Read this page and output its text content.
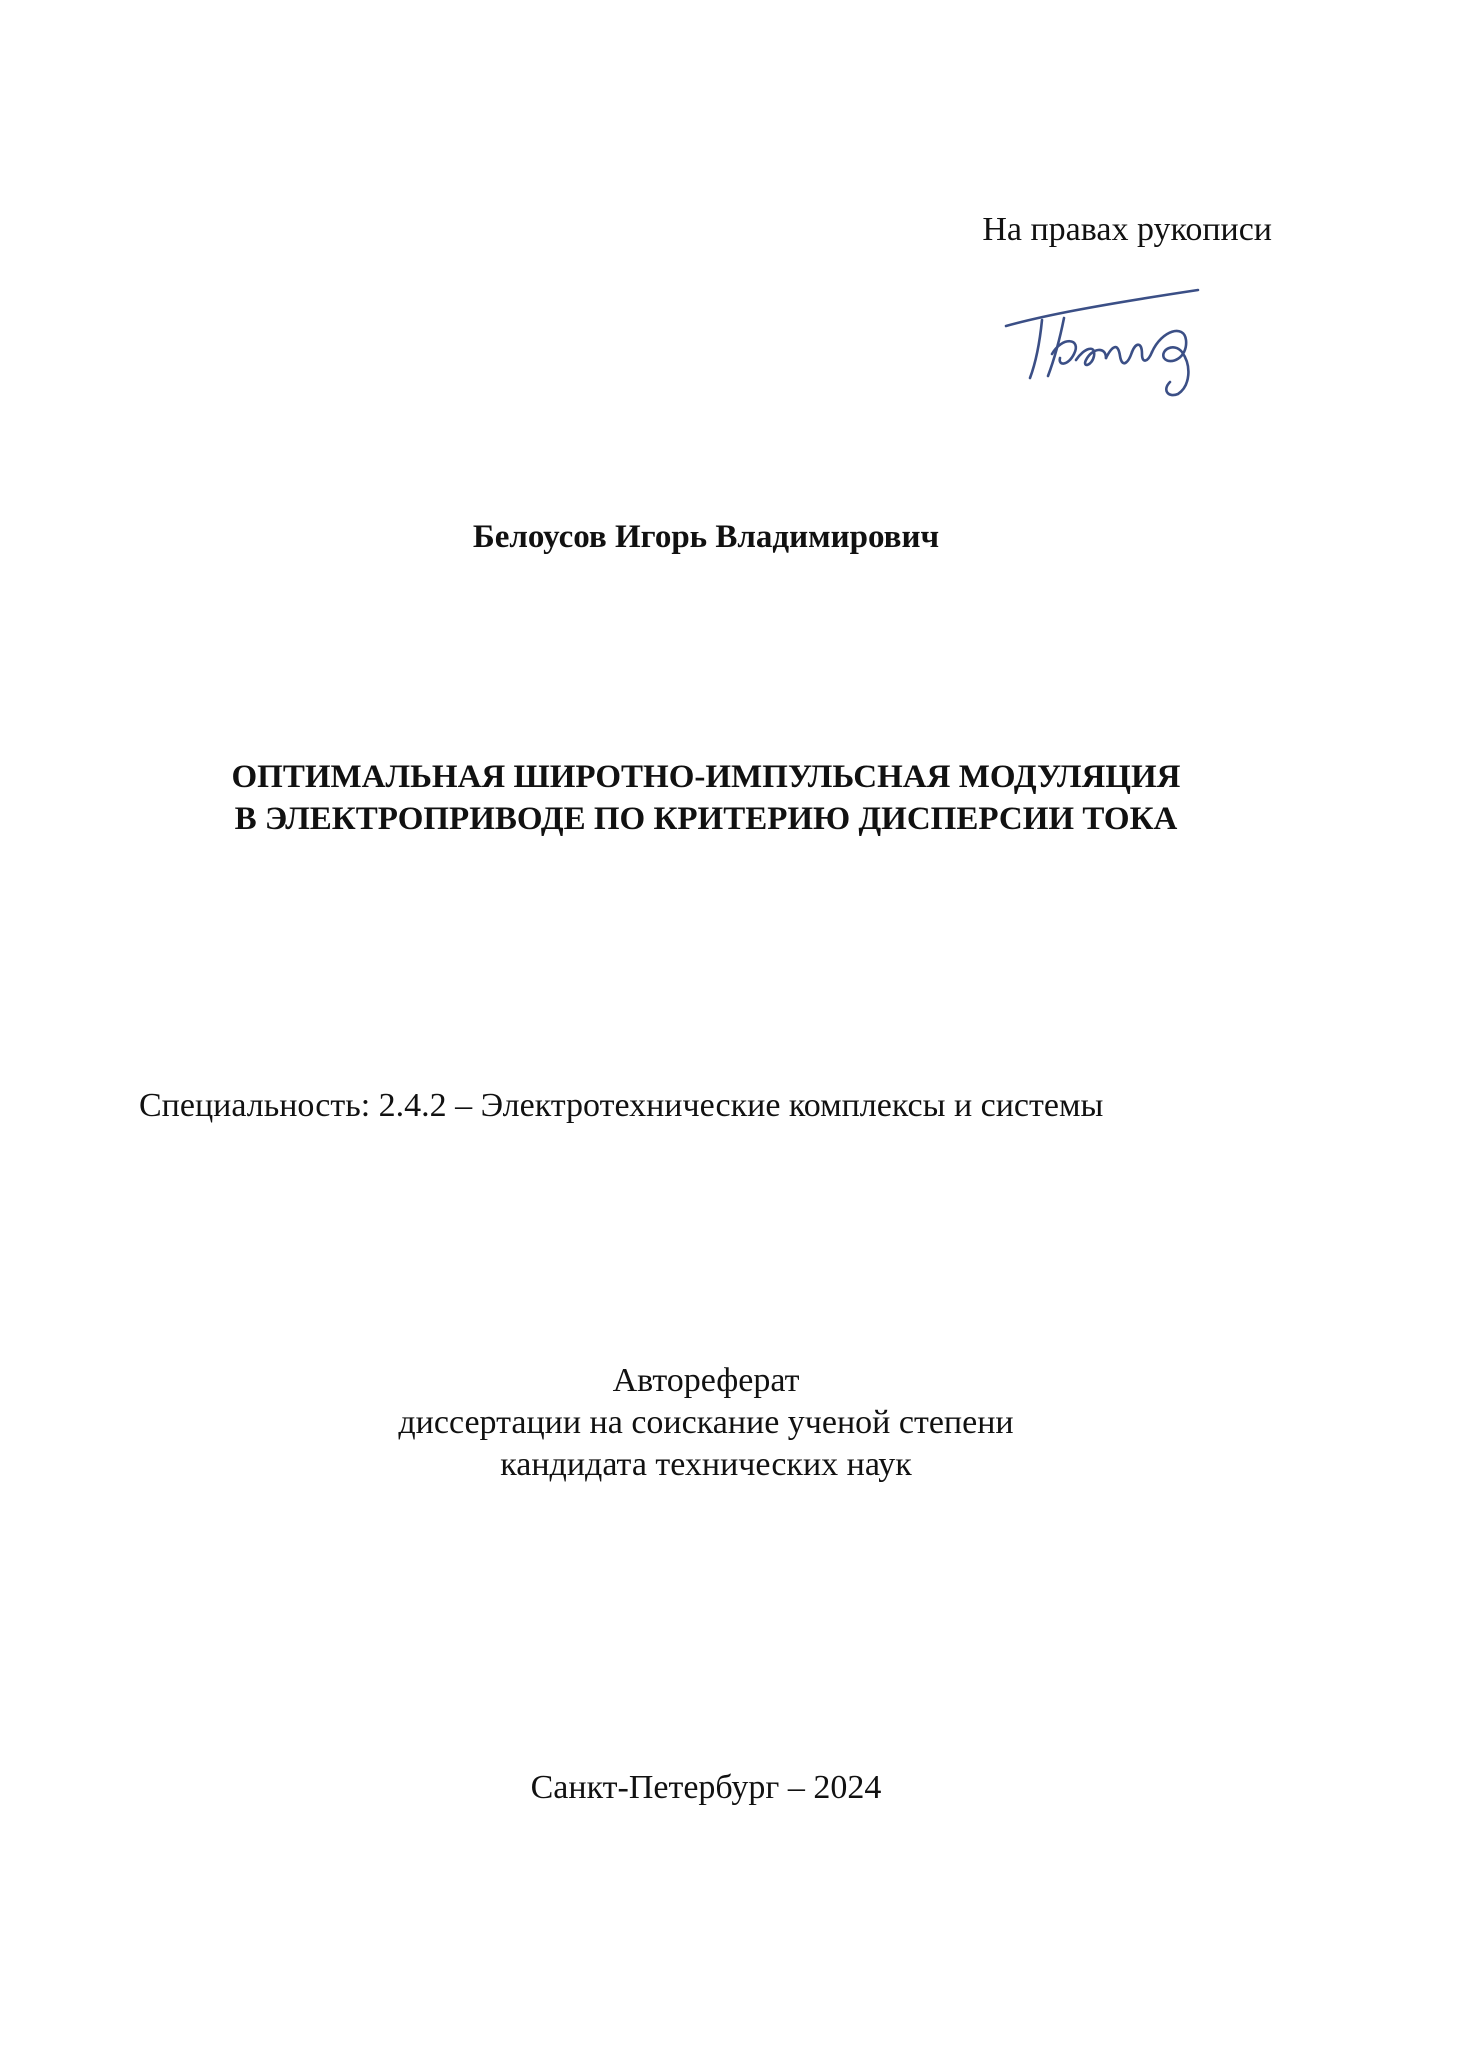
На правах рукописи
Белоусов Игорь Владимирович
ОПТИМАЛЬНАЯ ШИРОТНО-ИМПУЛЬСНАЯ МОДУЛЯЦИЯ
В ЭЛЕКТРОПРИВОДЕ ПО КРИТЕРИЮ ДИСПЕРСИИ ТОКА
Специальность: 2.4.2 – Электротехнические комплексы и системы
Автореферат
диссертации на соискание ученой степени
кандидата технических наук
Санкт-Петербург – 2024
